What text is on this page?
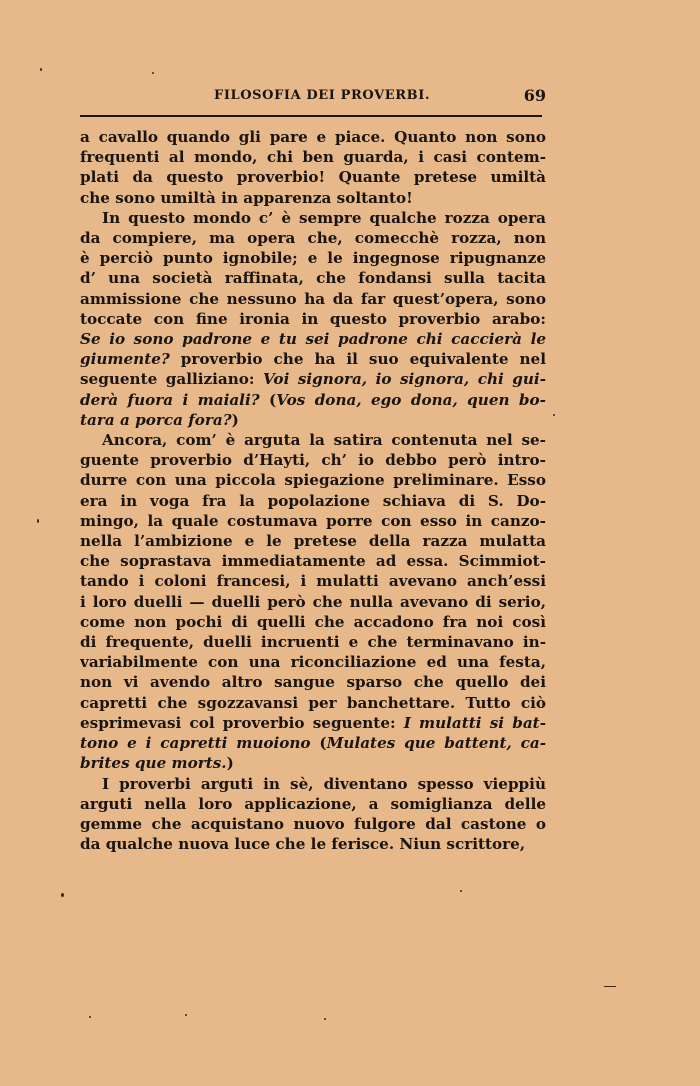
FILOSOFIA DEI PROVERBI.	69
a cavallo quando gli pare e piace. Quanto non sono
frequenti al mondo, chi ben guarda, i casi contem-
plati da questo proverbio! Quante pretese umiltà
che sono umiltà in apparenza soltanto!
In questo mondo c’ è sempre qualche rozza opera
da compiere, ma opera che, comecchè rozza, non
è perciò punto ignobile; e le ingegnose ripugnanze
d’ una società raffinata, che fondansi sulla tacita
ammissione che nessuno ha da far quest’opera, sono
toccate con fine ironia in questo proverbio arabo:
Se io sono padrone e tu sei padrone chi caccierà le
giumente? proverbio che ha il suo equivalente nel
seguente galliziano: Voi signora, io signora, chi gui-
derà fuora i maiali? (Vos dona, ego dona, quen bo-
tara a porca fora?)
Ancora, com’ è arguta la satira contenuta nel se-
guente proverbio d’Hayti, ch’ io debbo però intro-
durre con una piccola spiegazione preliminare. Esso
era in voga fra la popolazione schiava di S. Do-
mingo, la quale costumava porre con esso in canzo-
nella l’ambizione e le pretese della razza mulatta
che soprastava immediatamente ad essa. Scimmiot-
tando i coloni francesi, i mulatti avevano anch’essi
i loro duelli — duelli però che nulla avevano di serio,
come non pochi di quelli che accadono fra noi così
di frequente, duelli incruenti e che terminavano in-
variabilmente con una riconciliazione ed una festa,
non vi avendo altro sangue sparso che quello dei
capretti che sgozzavansi per banchettare. Tutto ciò
esprimevasi col proverbio seguente: I mulatti si bat-
tono e i capretti muoiono (Mulates que battent, ca-
brites que morts.)
I proverbi arguti in sè, diventano spesso vieppiù
arguti nella loro applicazione, a somiglianza delle
gemme che acquistano nuovo fulgore dal castone o
da qualche nuova luce che le ferisce. Niun scrittore,
